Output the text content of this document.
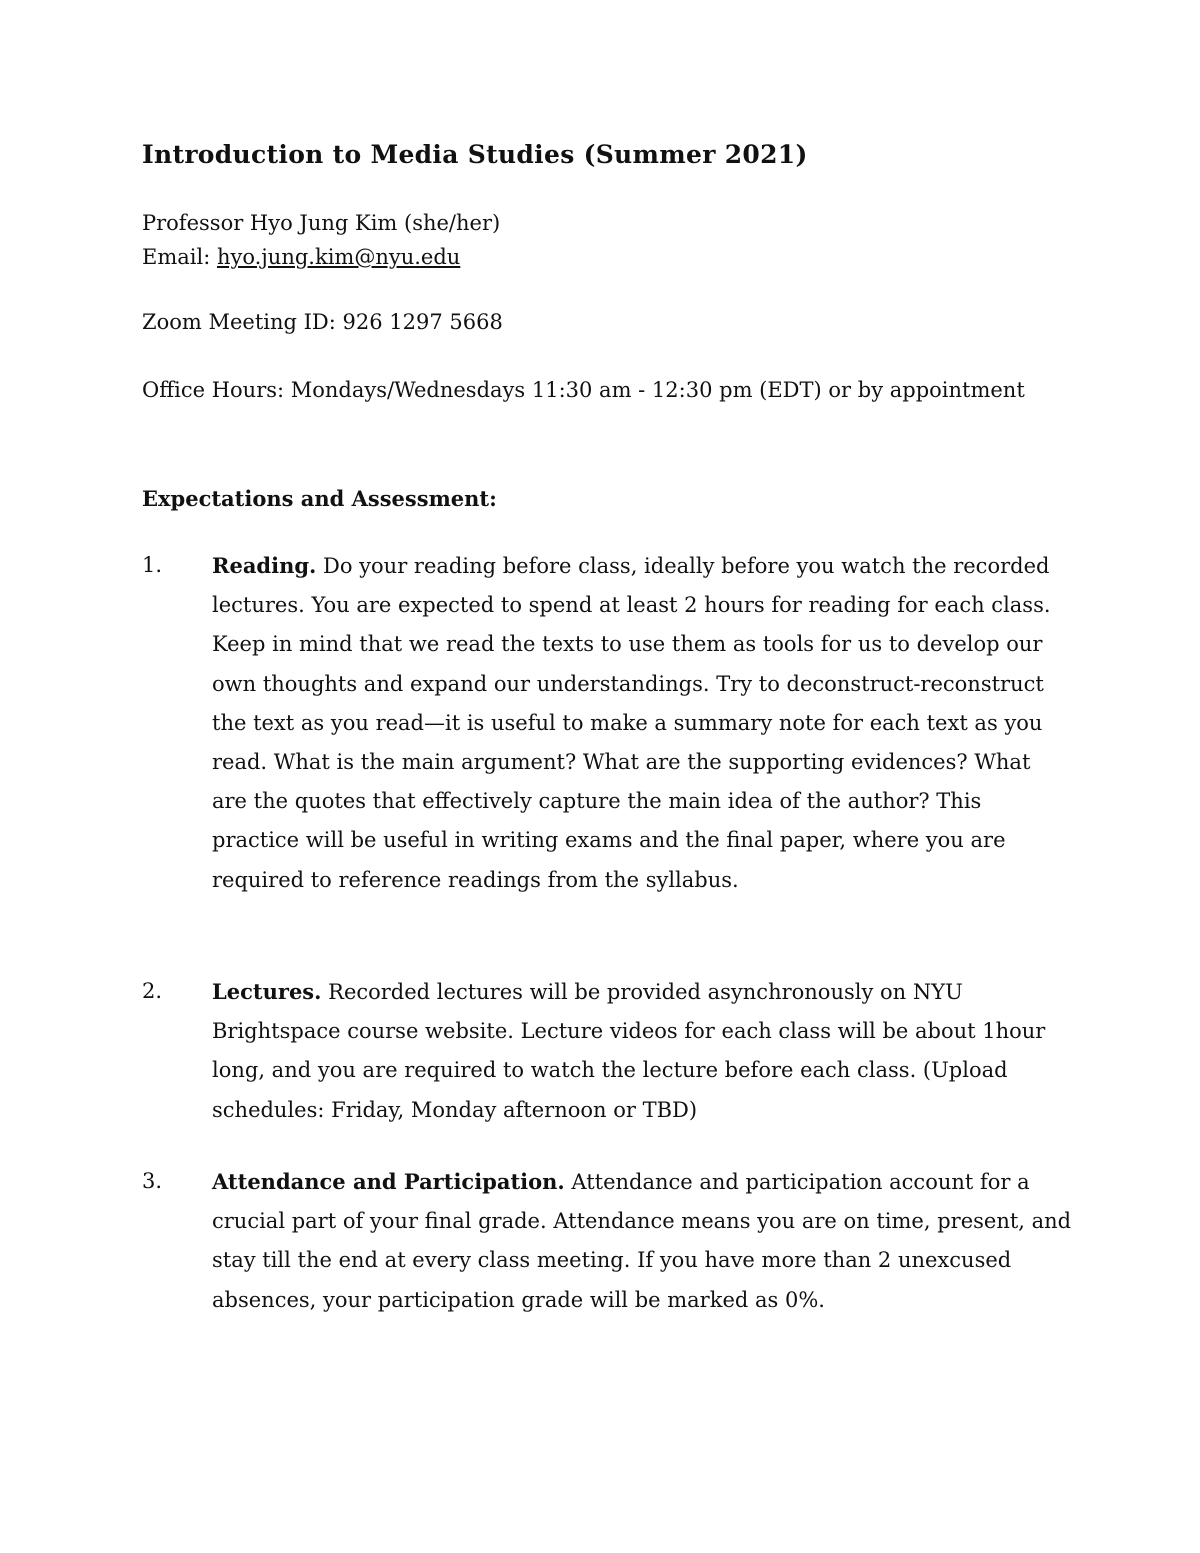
Introduction to Media Studies (Summer 2021)
Professor Hyo Jung Kim (she/her)
Email: hyo.jung.kim@nyu.edu
Zoom Meeting ID: 926 1297 5668
Office Hours: Mondays/Wednesdays 11:30 am - 12:30 pm (EDT) or by appointment
Expectations and Assessment:
1. Reading. Do your reading before class, ideally before you watch the recorded lectures. You are expected to spend at least 2 hours for reading for each class. Keep in mind that we read the texts to use them as tools for us to develop our own thoughts and expand our understandings. Try to deconstruct-reconstruct the text as you read—it is useful to make a summary note for each text as you read. What is the main argument? What are the supporting evidences? What are the quotes that effectively capture the main idea of the author? This practice will be useful in writing exams and the final paper, where you are required to reference readings from the syllabus.
2. Lectures. Recorded lectures will be provided asynchronously on NYU Brightspace course website. Lecture videos for each class will be about 1hour long, and you are required to watch the lecture before each class. (Upload schedules: Friday, Monday afternoon or TBD)
3. Attendance and Participation. Attendance and participation account for a crucial part of your final grade. Attendance means you are on time, present, and stay till the end at every class meeting. If you have more than 2 unexcused absences, your participation grade will be marked as 0%.
